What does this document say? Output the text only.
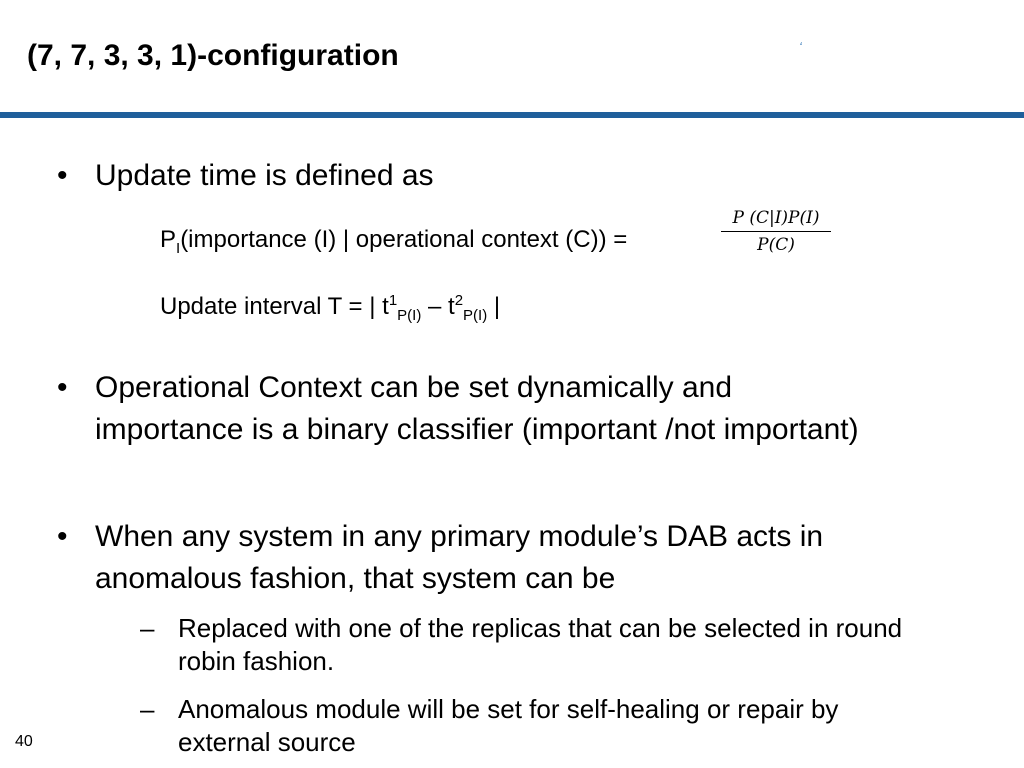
(7, 7, 3, 3, 1)-configuration	ʻ
• Update time is defined as
$P_I(importance$ (I) | operational context (C)) =	$\frac{P (C|I)P(I)}{P(C)}$
Update interval T = | $t^1_{P(I)} - t^2_{P(I)}$ |
• Operational Context can be set dynamically and
importance is a binary classifier (important /not important)
• When any system in any primary module’s DAB acts in
anomalous fashion, that system can be
– Replaced with one of the replicas that can be selected in round
robin fashion.
– Anomalous module will be set for self-healing or repair by
external source
40
